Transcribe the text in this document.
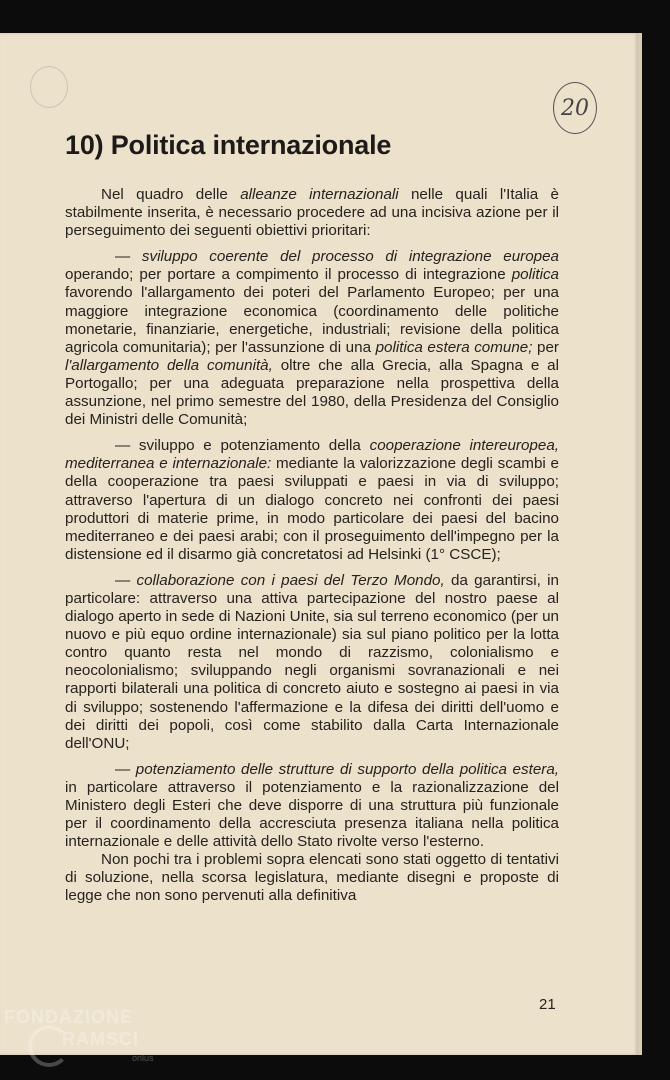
20
10) Politica internazionale

Nel quadro delle alleanze internazionali nelle quali l'Italia è stabilmente inserita, è necessario procedere ad una incisiva azione per il perseguimento dei seguenti obiettivi prioritari:

— sviluppo coerente del processo di integrazione europea operando; per portare a compimento il processo di integrazione politica favorendo l'allargamento dei poteri del Parlamento Europeo; per una maggiore integrazione economica (coordinamento delle politiche monetarie, finanziarie, energetiche, industriali; revisione della politica agricola comunitaria); per l'assunzione di una politica estera comune; per l'allargamento della comunità, oltre che alla Grecia, alla Spagna e al Portogallo; per una adeguata preparazione nella prospettiva della assunzione, nel primo semestre del 1980, della Presidenza del Consiglio dei Ministri delle Comunità;

— sviluppo e potenziamento della cooperazione intereuropea, mediterranea e internazionale: mediante la valorizzazione degli scambi e della cooperazione tra paesi sviluppati e paesi in via di sviluppo; attraverso l'apertura di un dialogo concreto nei confronti dei paesi produttori di materie prime, in modo particolare dei paesi del bacino mediterraneo e dei paesi arabi; con il proseguimento dell'impegno per la distensione ed il disarmo già concretatosi ad Helsinki (1° CSCE);

— collaborazione con i paesi del Terzo Mondo, da garantirsi, in particolare: attraverso una attiva partecipazione del nostro paese al dialogo aperto in sede di Nazioni Unite, sia sul terreno economico (per un nuovo e più equo ordine internazionale) sia sul piano politico per la lotta contro quanto resta nel mondo di razzismo, colonialismo e neocolonialismo; sviluppando negli organismi sovranazionali e nei rapporti bilaterali una politica di concreto aiuto e sostegno ai paesi in via di sviluppo; sostenendo l'affermazione e la difesa dei diritti dell'uomo e dei diritti dei popoli, così come stabilito dalla Carta Internazionale dell'ONU;

— potenziamento delle strutture di supporto della politica estera, in particolare attraverso il potenziamento e la razionalizzazione del Ministero degli Esteri che deve disporre di una struttura più funzionale per il coordinamento della accresciuta presenza italiana nella politica internazionale e delle attività dello Stato rivolte verso l'esterno.

Non pochi tra i problemi sopra elencati sono stati oggetto di tentativi di soluzione, nella scorsa legislatura, mediante disegni e proposte di legge che non sono pervenuti alla definitiva

21
FONDAZIONE
RAMSCI
onlus
